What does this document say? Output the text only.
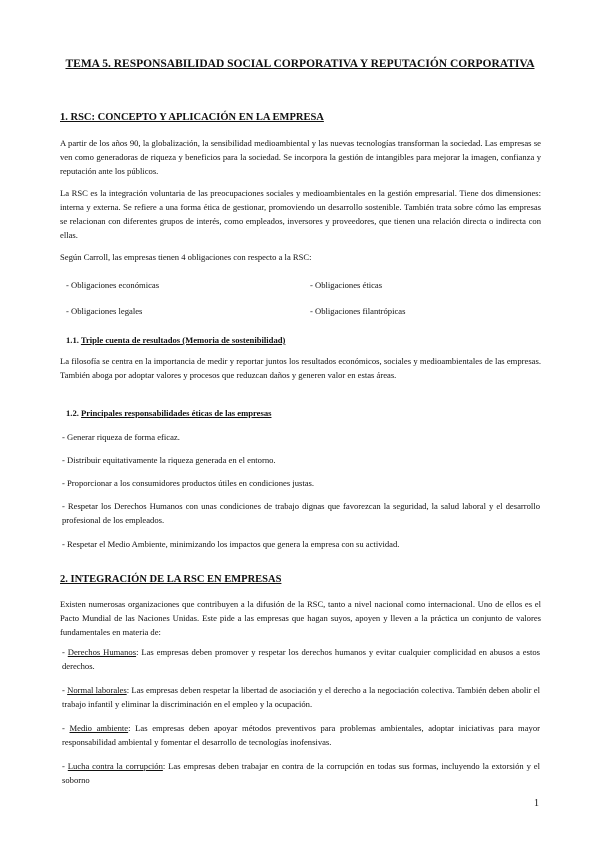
TEMA 5. RESPONSABILIDAD SOCIAL CORPORATIVA Y REPUTACIÓN CORPORATIVA
1. RSC: CONCEPTO Y APLICACIÓN EN LA EMPRESA
A partir de los años 90, la globalización, la sensibilidad medioambiental y las nuevas tecnologías transforman la sociedad. Las empresas se ven como generadoras de riqueza y beneficios para la sociedad. Se incorpora la gestión de intangibles para mejorar la imagen, confianza y reputación ante los públicos.
La RSC es la integración voluntaria de las preocupaciones sociales y medioambientales en la gestión empresarial. Tiene dos dimensiones: interna y externa. Se refiere a una forma ética de gestionar, promoviendo un desarrollo sostenible. También trata sobre cómo las empresas se relacionan con diferentes grupos de interés, como empleados, inversores y proveedores, que tienen una relación directa o indirecta con ellas.
Según Carroll, las empresas tienen 4 obligaciones con respecto a la RSC:
- Obligaciones económicas	- Obligaciones éticas
- Obligaciones legales	- Obligaciones filantrópicas
1.1. Triple cuenta de resultados (Memoria de sostenibilidad)
La filosofía se centra en la importancia de medir y reportar juntos los resultados económicos, sociales y medioambientales de las empresas. También aboga por adoptar valores y procesos que reduzcan daños y generen valor en estas áreas.
1.2. Principales responsabilidades éticas de las empresas
- Generar riqueza de forma eficaz.
- Distribuir equitativamente la riqueza generada en el entorno.
- Proporcionar a los consumidores productos útiles en condiciones justas.
- Respetar los Derechos Humanos con unas condiciones de trabajo dignas que favorezcan la seguridad, la salud laboral y el desarrollo profesional de los empleados.
- Respetar el Medio Ambiente, minimizando los impactos que genera la empresa con su actividad.
2. INTEGRACIÓN DE LA RSC EN EMPRESAS
Existen numerosas organizaciones que contribuyen a la difusión de la RSC, tanto a nivel nacional como internacional. Uno de ellos es el Pacto Mundial de las Naciones Unidas. Este pide a las empresas que hagan suyos, apoyen y lleven a la práctica un conjunto de valores fundamentales en materia de:
- Derechos Humanos: Las empresas deben promover y respetar los derechos humanos y evitar cualquier complicidad en abusos a estos derechos.
- Normal laborales: Las empresas deben respetar la libertad de asociación y el derecho a la negociación colectiva. También deben abolir el trabajo infantil y eliminar la discriminación en el empleo y la ocupación.
- Medio ambiente: Las empresas deben apoyar métodos preventivos para problemas ambientales, adoptar iniciativas para mayor responsabilidad ambiental y fomentar el desarrollo de tecnologías inofensivas.
- Lucha contra la corrupción: Las empresas deben trabajar en contra de la corrupción en todas sus formas, incluyendo la extorsión y el soborno
1
